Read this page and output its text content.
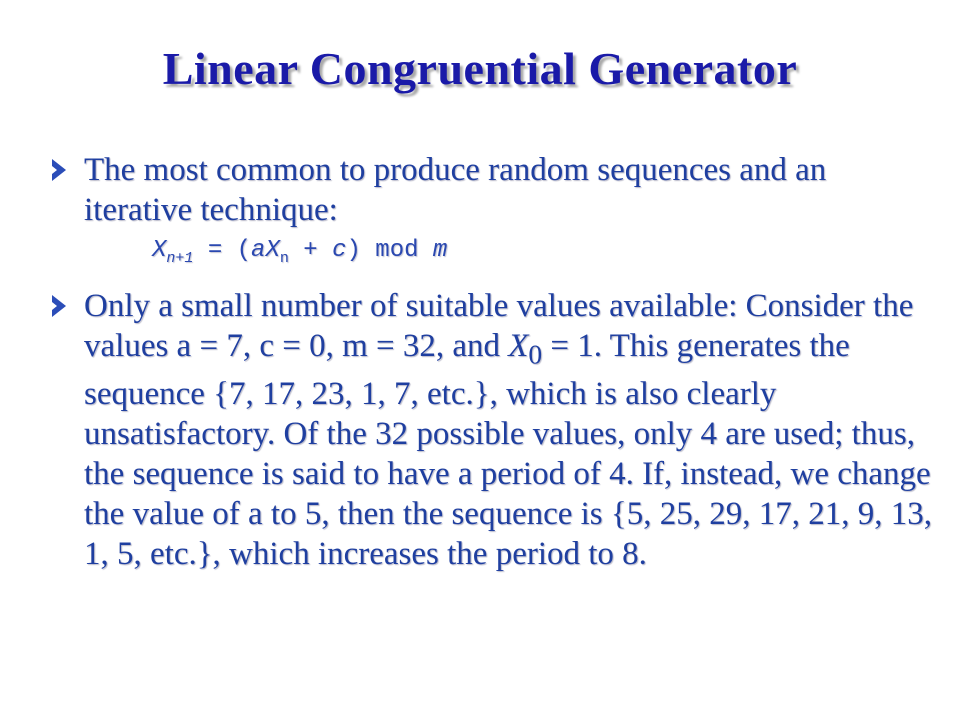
Linear Congruential Generator
The most common to produce random sequences and an iterative technique:
$X_{n+1} = (aX_n + c)$ mod m
Only a small number of suitable values available: Consider the values a = 7, c = 0, m = 32, and $X_0 = 1$. This generates the sequence {7, 17, 23, 1, 7, etc.}, which is also clearly unsatisfactory. Of the 32 possible values, only 4 are used; thus, the sequence is said to have a period of 4. If, instead, we change the value of a to 5, then the sequence is {5, 25, 29, 17, 21, 9, 13, 1, 5, etc.}, which increases the period to 8.
